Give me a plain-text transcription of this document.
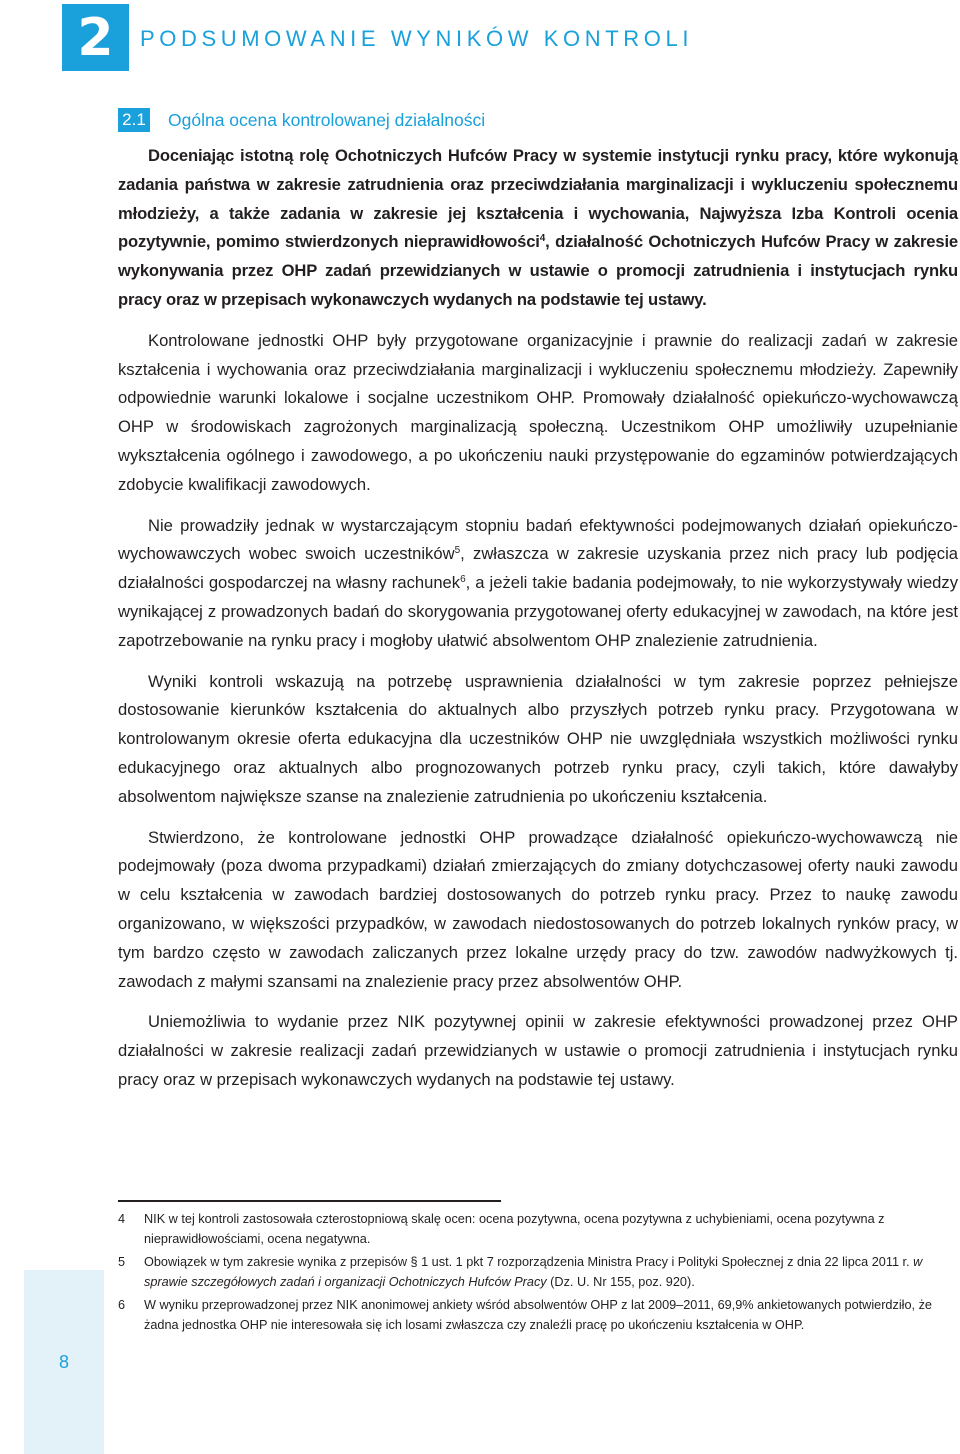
2 PODSUMOWANIE WYNIKÓW KONTROLI
2.1 Ogólna ocena kontrolowanej działalności

Doceniając istotną rolę Ochotniczych Hufców Pracy w systemie instytucji rynku pracy, które wykonują zadania państwa w zakresie zatrudnienia oraz przeciwdziałania marginalizacji i wykluczeniu społecznemu młodzieży, a także zadania w zakresie jej kształcenia i wychowania, Najwyższa Izba Kontroli ocenia pozytywnie, pomimo stwierdzonych nieprawidłowości$^4$, działalność Ochotniczych Hufców Pracy w zakresie wykonywania przez OHP zadań przewidzianych w ustawie o promocji zatrudnienia i instytucjach rynku pracy oraz w przepisach wykonawczych wydanych na podstawie tej ustawy.

Kontrolowane jednostki OHP były przygotowane organizacyjnie i prawnie do realizacji zadań w zakresie kształcenia i wychowania oraz przeciwdziałania marginalizacji i wykluczeniu społecznemu młodzieży. Zapewniły odpowiednie warunki lokalowe i socjalne uczestnikom OHP. Promowały działalność opiekuńczo-wychowawczą OHP w środowiskach zagrożonych marginalizacją społeczną. Uczestnikom OHP umożliwiły uzupełnianie wykształcenia ogólnego i zawodowego, a po ukończeniu nauki przystępowanie do egzaminów potwierdzających zdobycie kwalifikacji zawodowych.

Nie prowadziły jednak w wystarczającym stopniu badań efektywności podejmowanych działań opiekuńczo-wychowawczych wobec swoich uczestników$^5$, zwłaszcza w zakresie uzyskania przez nich pracy lub podjęcia działalności gospodarczej na własny rachunek$^6$, a jeżeli takie badania podejmowały, to nie wykorzystywały wiedzy wynikającej z prowadzonych badań do skorygowania przygotowanej oferty edukacyjnej w zawodach, na które jest zapotrzebowanie na rynku pracy i mogłoby ułatwić absolwentom OHP znalezienie zatrudnienia.

Wyniki kontroli wskazują na potrzebę usprawnienia działalności w tym zakresie poprzez pełniejsze dostosowanie kierunków kształcenia do aktualnych albo przyszłych potrzeb rynku pracy. Przygotowana w kontrolowanym okresie oferta edukacyjna dla uczestników OHP nie uwzględniała wszystkich możliwości rynku edukacyjnego oraz aktualnych albo prognozowanych potrzeb rynku pracy, czyli takich, które dawałyby absolwentom największe szanse na znalezienie zatrudnienia po ukończeniu kształcenia.

Stwierdzono, że kontrolowane jednostki OHP prowadzące działalność opiekuńczo-wychowawczą nie podejmowały (poza dwoma przypadkami) działań zmierzających do zmiany dotychczasowej oferty nauki zawodu w celu kształcenia w zawodach bardziej dostosowanych do potrzeb rynku pracy. Przez to naukę zawodu organizowano, w większości przypadków, w zawodach niedostosowanych do potrzeb lokalnych rynków pracy, w tym bardzo często w zawodach zaliczanych przez lokalne urzędy pracy do tzw. zawodów nadwyżkowych tj. zawodach z małymi szansami na znalezienie pracy przez absolwentów OHP.

Uniemożliwia to wydanie przez NIK pozytywnej opinii w zakresie efektywności prowadzonej przez OHP działalności w zakresie realizacji zadań przewidzianych w ustawie o promocji zatrudnienia i instytucjach rynku pracy oraz w przepisach wykonawczych wydanych na podstawie tej ustawy.

4	NIK w tej kontroli zastosowała czterostopniową skalę ocen: ocena pozytywna, ocena pozytywna z uchybieniami, ocena pozytywna z nieprawidłowościami, ocena negatywna.
5	Obowiązek w tym zakresie wynika z przepisów § 1 ust. 1 pkt 7 rozporządzenia Ministra Pracy i Polityki Społecznej z dnia 22 lipca 2011 r. w sprawie szczegółowych zadań i organizacji Ochotniczych Hufców Pracy (Dz. U. Nr 155, poz. 920).
6	W wyniku przeprowadzonej przez NIK anonimowej ankiety wśród absolwentów OHP z lat 2009–2011, 69,9% ankietowanych potwierdziło, że żadna jednostka OHP nie interesowała się ich losami zwłaszcza czy znaleźli pracę po ukończeniu kształcenia w OHP.
8
